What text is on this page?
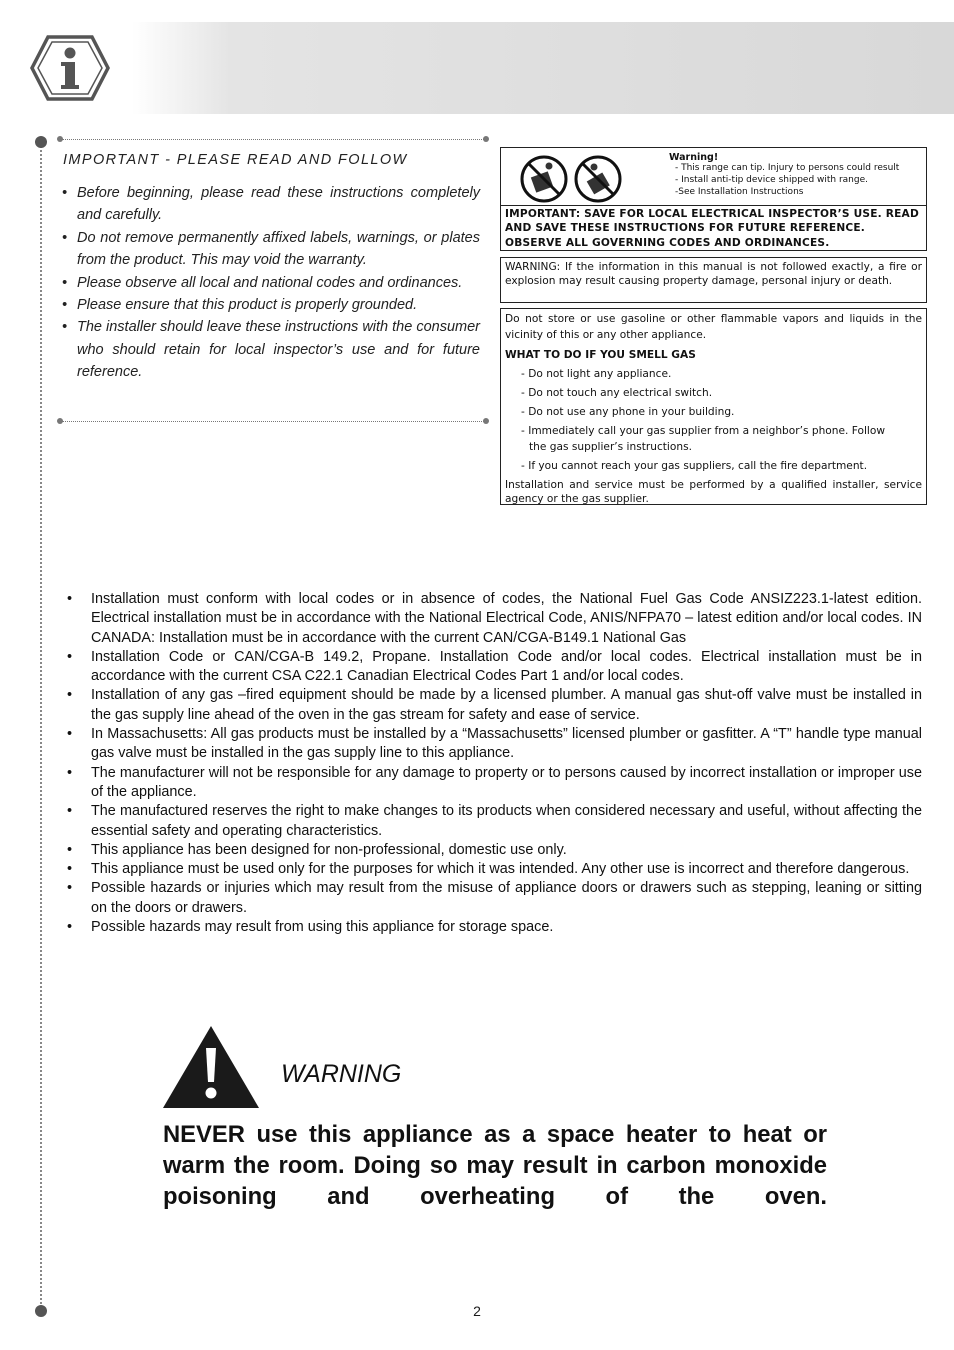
IMPORTANT - PLEASE READ AND FOLLOW
• Before beginning, please read these instructions completely and carefully.
• Do not remove permanently affixed labels, warnings, or plates from the product. This may void the warranty.
• Please observe all local and national codes and ordinances.
• Please ensure that this product is properly grounded.
• The installer should leave these instructions with the consumer who should retain for local inspector’s use and for future reference.
Warning!
- This range can tip. Injury to persons could result
- Install anti-tip device shipped with range.
-See Installation Instructions
IMPORTANT: SAVE FOR LOCAL ELECTRICAL INSPECTOR’S USE. READ AND SAVE THESE INSTRUCTIONS FOR FUTURE REFERENCE. OBSERVE ALL GOVERNING CODES AND ORDINANCES.
WARNING: If the information in this manual is not followed exactly, a fire or explosion may result causing property damage, personal injury or death.

Do not store or use gasoline or other flammable vapors and liquids in the vicinity of this or any other appliance.

WHAT TO DO IF YOU SMELL GAS

- Do not light any appliance.

- Do not touch any electrical switch.

- Do not use any phone in your building.

- Immediately call your gas supplier from a neighbor’s phone. Follow

the gas supplier’s instructions.

- If you cannot reach your gas suppliers, call the fire department.

Installation and service must be performed by a qualified installer, service agency or the gas supplier.

• Installation must conform with local codes or in absence of codes, the National Fuel Gas Code ANSIZ223.1-latest edition. Electrical installation must be in accordance with the National Electrical Code, ANIS/NFPA70 – latest edition and/or local codes. IN CANADA: Installation must be in accordance with the current CAN/CGA-B149.1 National Gas
• Installation Code or CAN/CGA-B 149.2, Propane. Installation Code and/or local codes. Electrical installation must be in accordance with the current CSA C22.1 Canadian Electrical Codes Part 1 and/or local codes.
• Installation of any gas –fired equipment should be made by a licensed plumber. A manual gas shut-off valve must be installed in the gas supply line ahead of the oven in the gas stream for safety and ease of service.
• In Massachusetts: All gas products must be installed by a “Massachusetts” licensed plumber or gasfitter. A “T” handle type manual gas valve must be installed in the gas supply line to this appliance.
• The manufacturer will not be responsible for any damage to property or to persons caused by incorrect installation or improper use of the appliance.
• The manufactured reserves the right to make changes to its products when considered necessary and useful, without affecting the essential safety and operating characteristics.
• This appliance has been designed for non-professional, domestic use only.
• This appliance must be used only for the purposes for which it was intended. Any other use is incorrect and therefore dangerous.
• Possible hazards or injuries which may result from the misuse of appliance doors or drawers such as stepping, leaning or sitting on the doors or drawers.
• Possible hazards may result from using this appliance for storage space.
WARNING
NEVER use this appliance as a space heater to heat or warm the room. Doing so may result in carbon monoxide poisoning and overheating of the oven.
2
